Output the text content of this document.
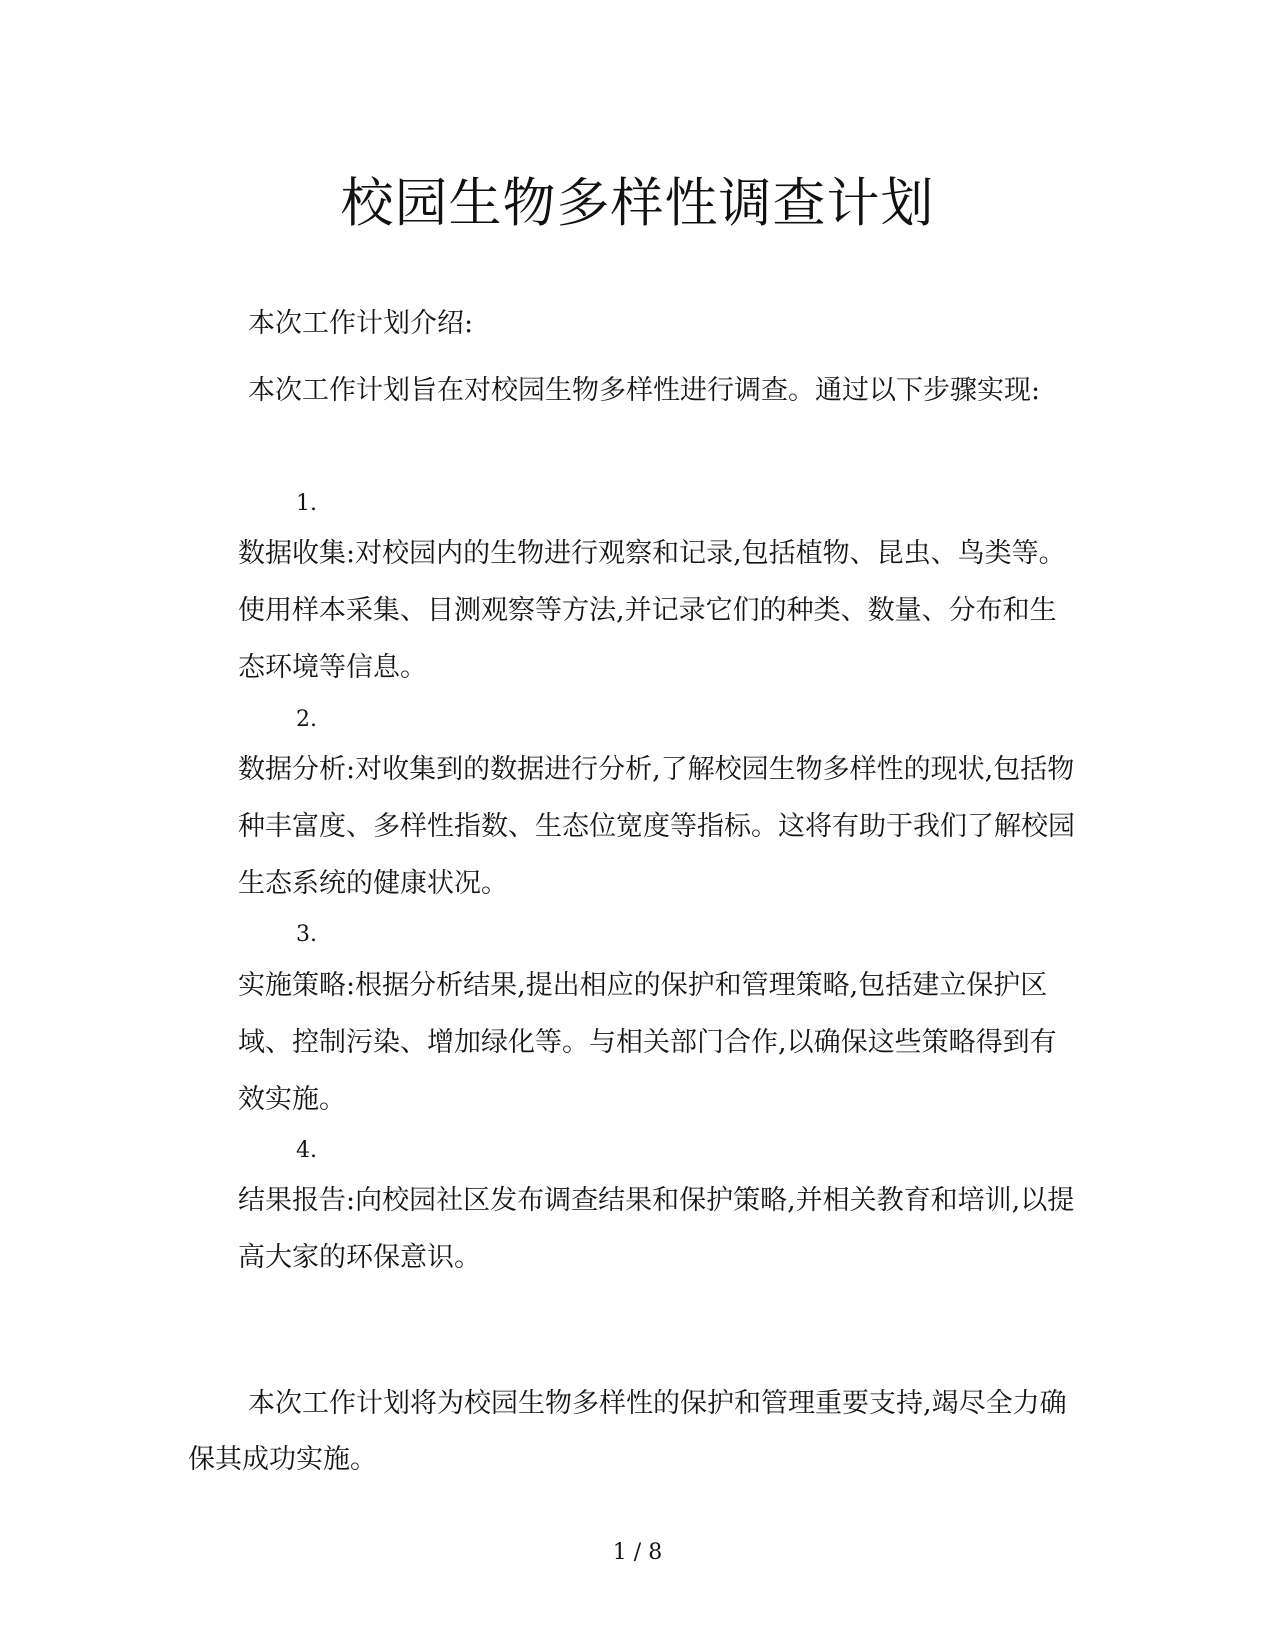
校园生物多样性调查计划
本次工作计划介绍:
本次工作计划旨在对校园生物多样性进行调查。通过以下步骤实现:
1.
数据收集:对校园内的生物进行观察和记录,包括植物、昆虫、鸟类等。使用样本采集、目测观察等方法,并记录它们的种类、数量、分布和生态环境等信息。
2.
数据分析:对收集到的数据进行分析,了解校园生物多样性的现状,包括物种丰富度、多样性指数、生态位宽度等指标。这将有助于我们了解校园生态系统的健康状况。
3.
实施策略:根据分析结果,提出相应的保护和管理策略,包括建立保护区域、控制污染、增加绿化等。与相关部门合作,以确保这些策略得到有效实施。
4.
结果报告:向校园社区发布调查结果和保护策略,并相关教育和培训,以提高大家的环保意识。
本次工作计划将为校园生物多样性的保护和管理重要支持,竭尽全力确保其成功实施。
1 / 8
